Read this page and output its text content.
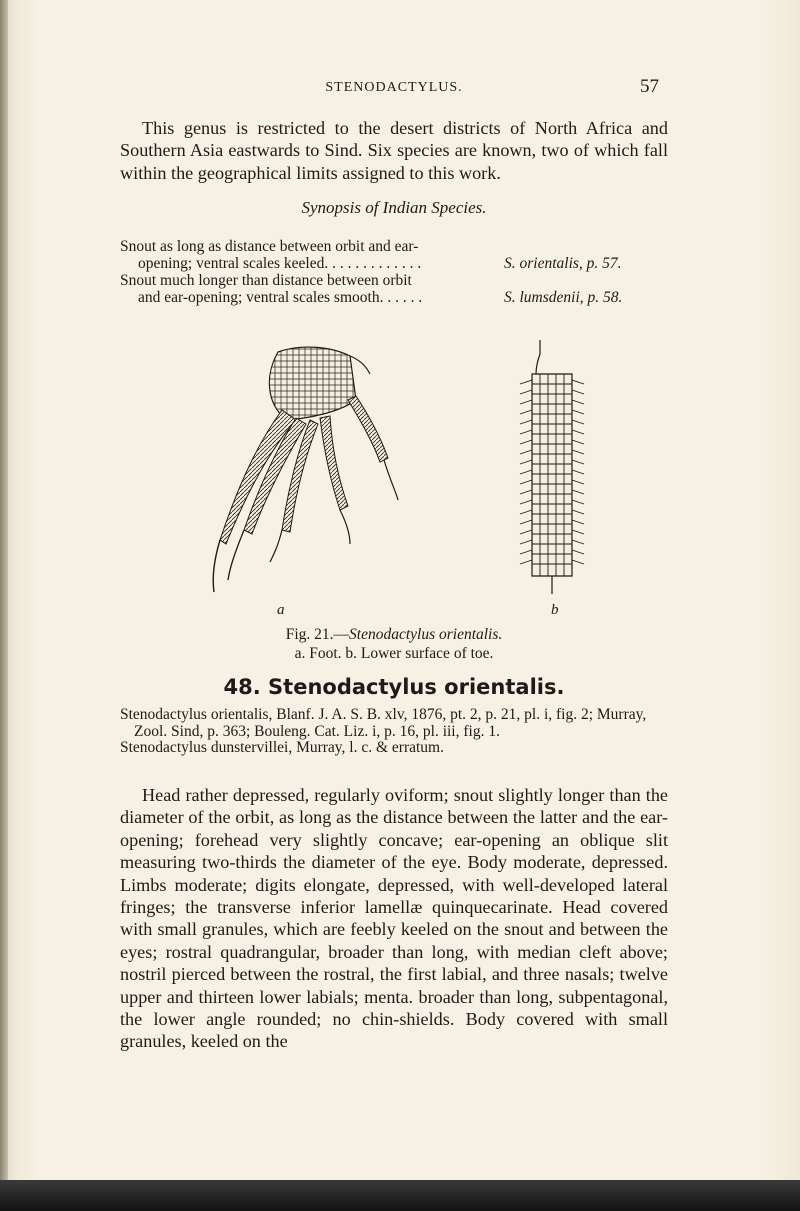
STENODACTYLUS.	57

This genus is restricted to the desert districts of North Africa and Southern Asia eastwards to Sind. Six species are known, two of which fall within the geographical limits assigned to this work.

Synopsis of Indian Species.
Snout as long as distance between orbit and ear-
opening; ventral scales keeled. . . . . . . . . . . . .	S. orientalis, p. 57.
Snout much longer than distance between orbit
and ear-opening; ventral scales smooth. . . . . .	S. lumsdenii, p. 58.
a	b
Fig. 21.—Stenodactylus orientalis.
a. Foot. b. Lower surface of toe.
48. Stenodactylus orientalis.

Stenodactylus orientalis, Blanf. J. A. S. B. xlv, 1876, pt. 2, p. 21, pl. i, fig. 2; Murray, Zool. Sind, p. 363; Bouleng. Cat. Liz. i, p. 16, pl. iii, fig. 1.

Stenodactylus dunstervillei, Murray, l. c. & erratum.

Head rather depressed, regularly oviform; snout slightly longer than the diameter of the orbit, as long as the distance between the latter and the ear-opening; forehead very slightly concave; ear-opening an oblique slit measuring two-thirds the diameter of the eye. Body moderate, depressed. Limbs moderate; digits elongate, depressed, with well-developed lateral fringes; the transverse inferior lamellæ quinquecarinate. Head covered with small granules, which are feebly keeled on the snout and between the eyes; rostral quadrangular, broader than long, with median cleft above; nostril pierced between the rostral, the first labial, and three nasals; twelve upper and thirteen lower labials; menta. broader than long, subpentagonal, the lower angle rounded; no chin-shields. Body covered with small granules, keeled on the
